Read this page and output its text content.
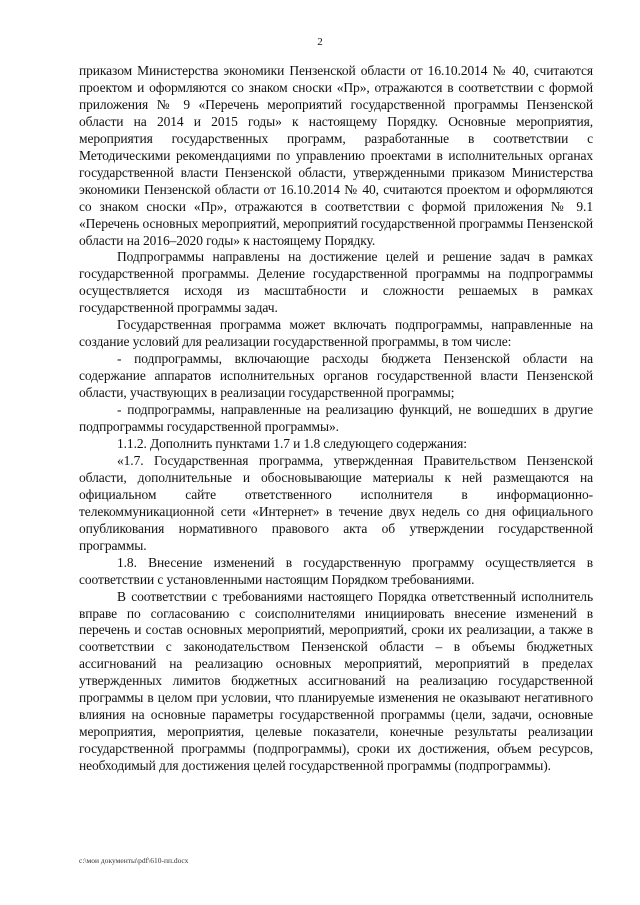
2

приказом Министерства экономики Пензенской области от 16.10.2014 № 40, считаются проектом и оформляются со знаком сноски «Пр», отражаются в соответствии с формой приложения № 9 «Перечень мероприятий государственной программы Пензенской области на 2014 и 2015 годы» к настоящему Порядку. Основные мероприятия, мероприятия государственных программ, разработанные в соответствии с Методическими рекомендациями по управлению проектами в исполнительных органах государственной власти Пензенской области, утвержденными приказом Министерства экономики Пензенской области от 16.10.2014 № 40, считаются проектом и оформляются со знаком сноски «Пр», отражаются в соответствии с формой приложения № 9.1 «Перечень основных мероприятий, мероприятий государственной программы Пензенской области на 2016–2020 годы» к настоящему Порядку.

Подпрограммы направлены на достижение целей и решение задач в рамках государственной программы. Деление государственной программы на подпрограммы осуществляется исходя из масштабности и сложности решаемых в рамках государственной программы задач.

Государственная программа может включать подпрограммы, направленные на создание условий для реализации государственной программы, в том числе:

- подпрограммы, включающие расходы бюджета Пензенской области на содержание аппаратов исполнительных органов государственной власти Пензенской области, участвующих в реализации государственной программы;

- подпрограммы, направленные на реализацию функций, не вошедших в другие подпрограммы государственной программы».

1.1.2. Дополнить пунктами 1.7 и 1.8 следующего содержания:

«1.7. Государственная программа, утвержденная Правительством Пензенской области, дополнительные и обосновывающие материалы к ней размещаются на официальном сайте ответственного исполнителя в информационно-телекоммуникационной сети «Интернет» в течение двух недель со дня официального опубликования нормативного правового акта об утверждении государственной программы.

1.8. Внесение изменений в государственную программу осуществляется в соответствии с установленными настоящим Порядком требованиями.

В соответствии с требованиями настоящего Порядка ответственный исполнитель вправе по согласованию с соисполнителями инициировать внесение изменений в перечень и состав основных мероприятий, мероприятий, сроки их реализации, а также в соответствии с законодательством Пензенской области – в объемы бюджетных ассигнований на реализацию основных мероприятий, мероприятий в пределах утвержденных лимитов бюджетных ассигнований на реализацию государственной программы в целом при условии, что планируемые изменения не оказывают негативного влияния на основные параметры государственной программы (цели, задачи, основные мероприятия, мероприятия, целевые показатели, конечные результаты реализации государственной программы (подпрограммы), сроки их достижения, объем ресурсов, необходимый для достижения целей государственной программы (подпрограммы).

c:\мои документы\pdf\610-пп.docx
